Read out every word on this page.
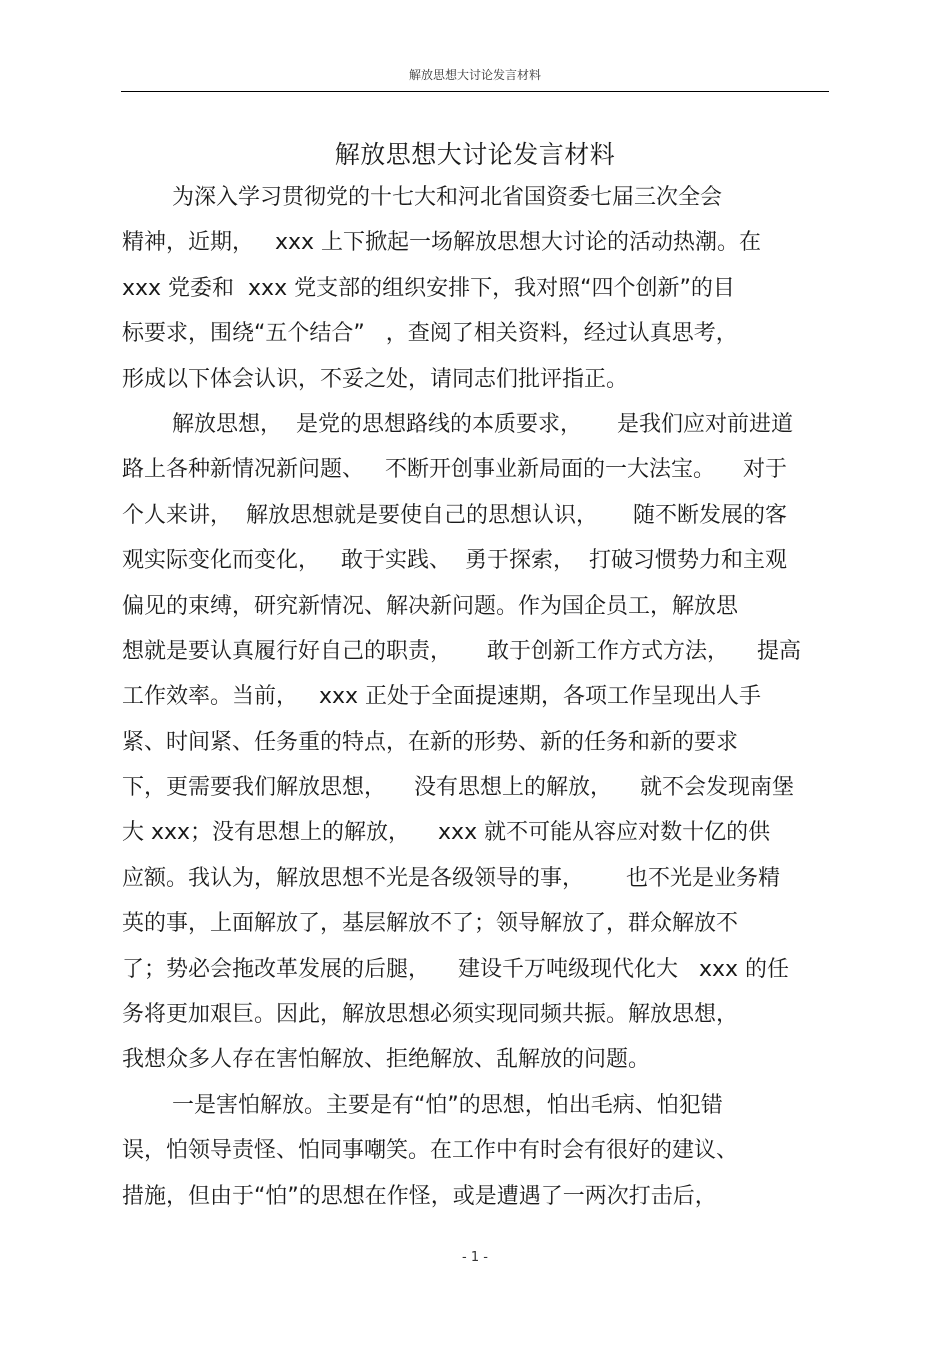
解放思想大讨论发言材料
解放思想大讨论发言材料
为深入学习贯彻党的十七大和河北省国资委七届三次全会
精神，近期，   xxx 上下掀起一场解放思想大讨论的活动热潮。在
xxx 党委和  xxx 党支部的组织安排下，我对照“四个创新”的目
标要求，围绕“五个结合”   ，查阅了相关资料，经过认真思考，
形成以下体会认识，不妥之处，请同志们批评指正。
解放思想，  是党的思想路线的本质要求，     是我们应对前进道
路上各种新情况新问题、   不断开创事业新局面的一大法宝。    对于
个人来讲，  解放思想就是要使自己的思想认识，     随不断发展的客
观实际变化而变化，   敢于实践、  勇于探索，  打破习惯势力和主观
偏见的束缚，研究新情况、解决新问题。作为国企员工，解放思
想就是要认真履行好自己的职责，     敢于创新工作方式方法，    提高
工作效率。当前，   xxx 正处于全面提速期，各项工作呈现出人手
紧、时间紧、任务重的特点，在新的形势、新的任务和新的要求
下，更需要我们解放思想，    没有思想上的解放，    就不会发现南堡
大 xxx；没有思想上的解放，    xxx 就不可能从容应对数十亿的供
应额。我认为，解放思想不光是各级领导的事，      也不光是业务精
英的事，上面解放了，基层解放不了；领导解放了，群众解放不
了；势必会拖改革发展的后腿，    建设千万吨级现代化大   xxx 的任
务将更加艰巨。因此，解放思想必须实现同频共振。解放思想，
我想众多人存在害怕解放、拒绝解放、乱解放的问题。
一是害怕解放。主要是有“怕”的思想，怕出毛病、怕犯错
误，怕领导责怪、怕同事嘲笑。在工作中有时会有很好的建议、
措施，但由于“怕”的思想在作怪，或是遭遇了一两次打击后，
- 1 -
